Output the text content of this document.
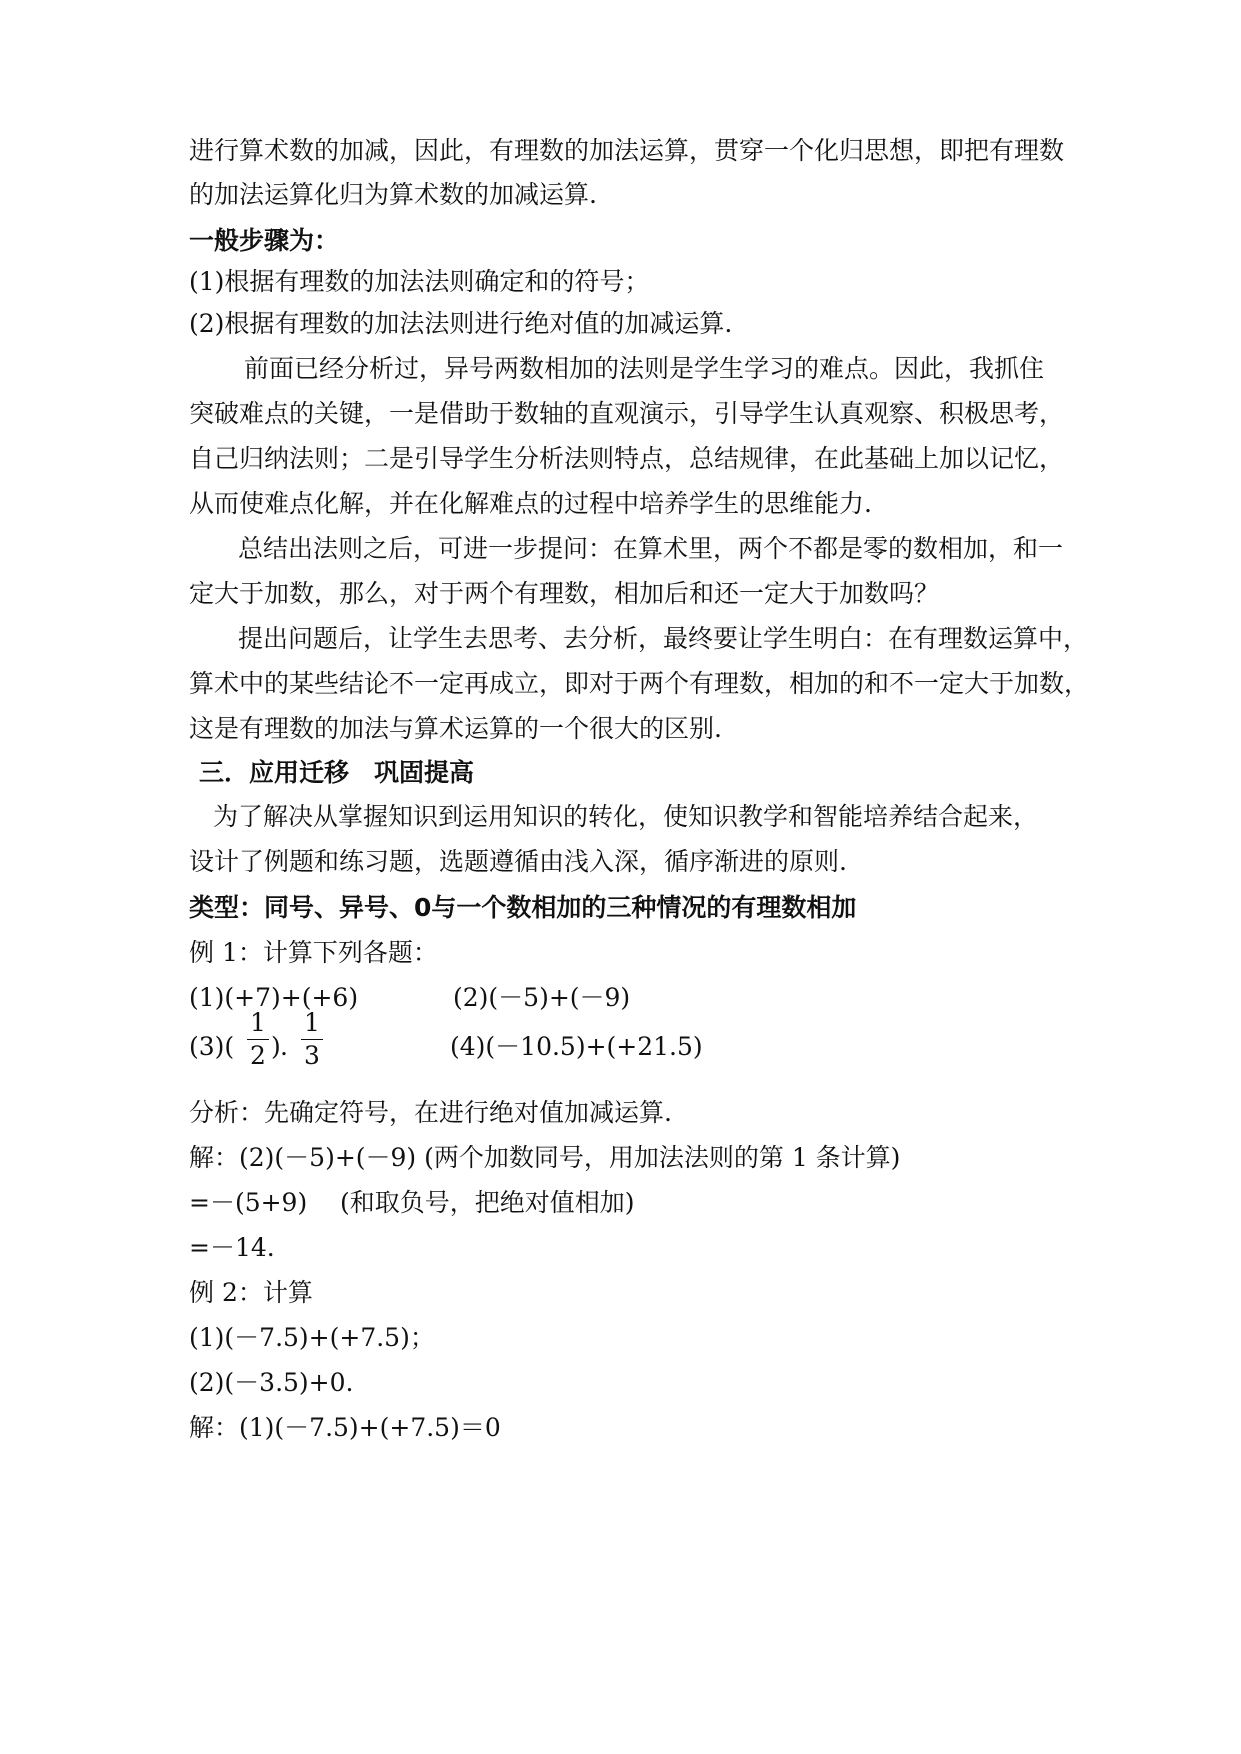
进行算术数的加减，因此，有理数的加法运算，贯穿一个化归思想，即把有理数
的加法运算化归为算术数的加减运算.
一般步骤为：
(1)根据有理数的加法法则确定和的符号；
(2)根据有理数的加法法则进行绝对值的加减运算.
前面已经分析过，异号两数相加的法则是学生学习的难点。因此，我抓住
突破难点的关键，一是借助于数轴的直观演示，引导学生认真观察、积极思考，
自己归纳法则；二是引导学生分析法则特点，总结规律，在此基础上加以记忆，
从而使难点化解，并在化解难点的过程中培养学生的思维能力.
总结出法则之后，可进一步提问：在算术里，两个不都是零的数相加，和一
定大于加数，那么，对于两个有理数，相加后和还一定大于加数吗？
提出问题后，让学生去思考、去分析，最终要让学生明白：在有理数运算中，
算术中的某些结论不一定再成立，即对于两个有理数，相加的和不一定大于加数，
这是有理数的加法与算术运算的一个很大的区别.
三．应用迁移　巩固提高
为了解决从掌握知识到运用知识的转化，使知识教学和智能培养结合起来，
设计了例题和练习题，选题遵循由浅入深，循序渐进的原则.
类型：同号、异号、0与一个数相加的三种情况的有理数相加
例 1：计算下列各题：
(1)(+7)+(+6)	(2)(－5)+(－9)
(3)(
1
2 ) .
1
3	(4)(－10.5)+(+21.5)
分析：先确定符号，在进行绝对值加减运算.
解：(2)(－5)+(－9) (两个加数同号，用加法法则的第 1 条计算)
=－(5+9) (和取负号，把绝对值相加)
=－14.
例 2：计算
(1)(－7.5)+(+7.5)；
(2)(－3.5)+0.
解：(1)(－7.5)+(+7.5)＝0
